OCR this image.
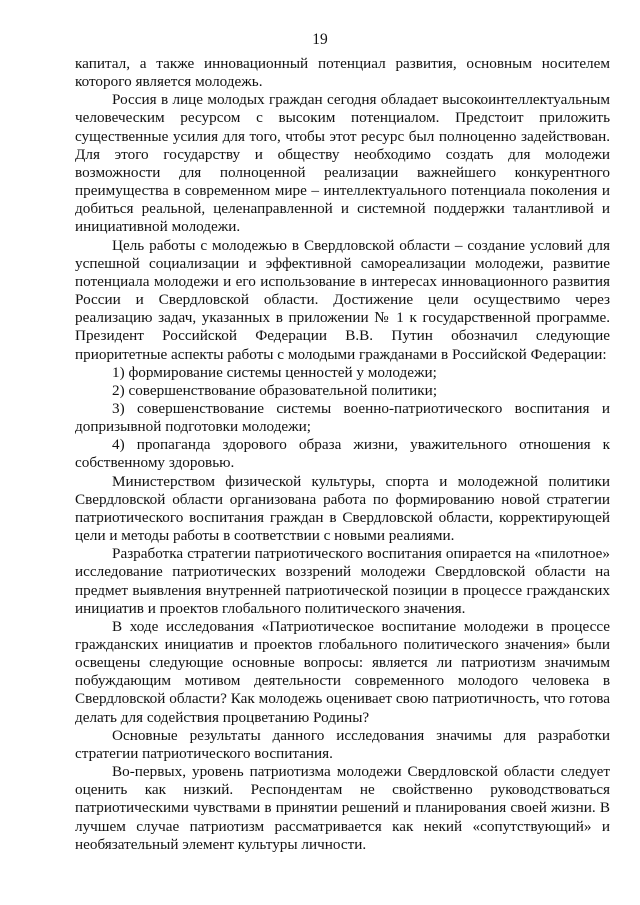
19

капитал, а также инновационный потенциал развития, основным носителем которого является молодежь.

Россия в лице молодых граждан сегодня обладает высокоинтеллектуальным человеческим ресурсом с высоким потенциалом. Предстоит приложить существенные усилия для того, чтобы этот ресурс был полноценно задействован. Для этого государству и обществу необходимо создать для молодежи возможности для полноценной реализации важнейшего конкурентного преимущества в современном мире – интеллектуального потенциала поколения и добиться реальной, целенаправленной и системной поддержки талантливой и инициативной молодежи.

Цель работы с молодежью в Свердловской области – создание условий для успешной социализации и эффективной самореализации молодежи, развитие потенциала молодежи и его использование в интересах инновационного развития России и Свердловской области. Достижение цели осуществимо через реализацию задач, указанных в приложении № 1 к государственной программе. Президент Российской Федерации В.В. Путин обозначил следующие приоритетные аспекты работы с молодыми гражданами в Российской Федерации:

1) формирование системы ценностей у молодежи;

2) совершенствование образовательной политики;

3) совершенствование системы военно-патриотического воспитания и допризывной подготовки молодежи;

4) пропаганда здорового образа жизни, уважительного отношения к собственному здоровью.

Министерством физической культуры, спорта и молодежной политики Свердловской области организована работа по формированию новой стратегии патриотического воспитания граждан в Свердловской области, корректирующей цели и методы работы в соответствии с новыми реалиями.

Разработка стратегии патриотического воспитания опирается на «пилотное» исследование патриотических воззрений молодежи Свердловской области на предмет выявления внутренней патриотической позиции в процессе гражданских инициатив и проектов глобального политического значения.

В ходе исследования «Патриотическое воспитание молодежи в процессе гражданских инициатив и проектов глобального политического значения» были освещены следующие основные вопросы: является ли патриотизм значимым побуждающим мотивом деятельности современного молодого человека в Свердловской области? Как молодежь оценивает свою патриотичность, что готова делать для содействия процветанию Родины?

Основные результаты данного исследования значимы для разработки стратегии патриотического воспитания.

Во-первых, уровень патриотизма молодежи Свердловской области следует оценить как низкий. Респондентам не свойственно руководствоваться патриотическими чувствами в принятии решений и планирования своей жизни. В лучшем случае патриотизм рассматривается как некий «сопутствующий» и необязательный элемент культуры личности.
